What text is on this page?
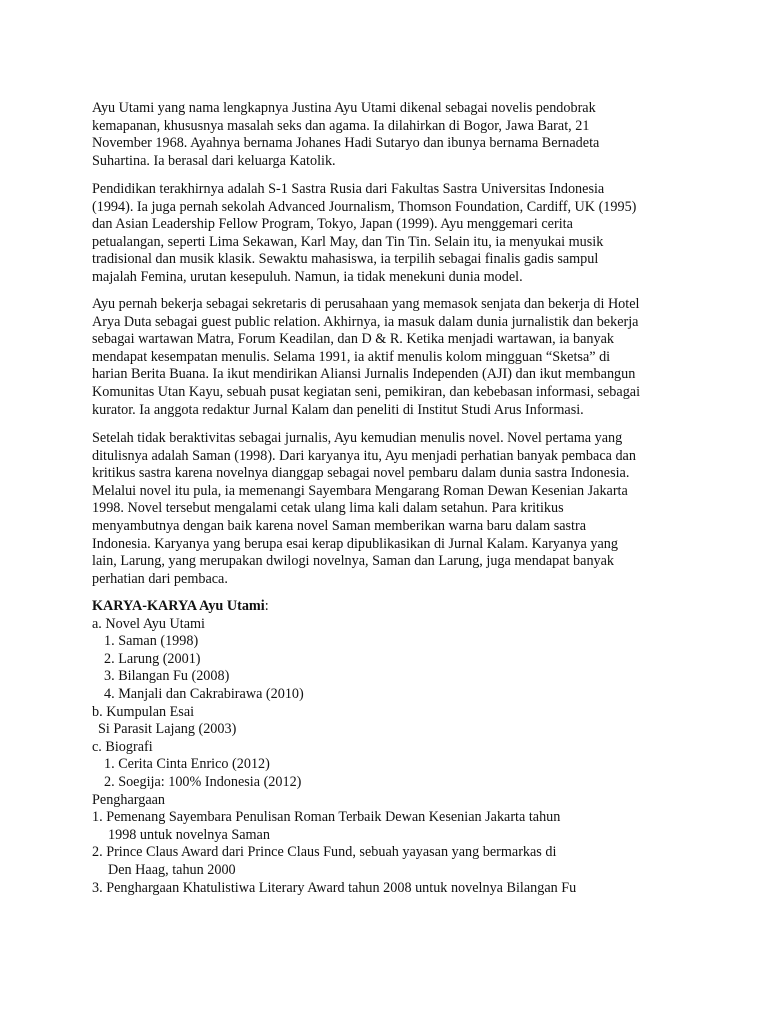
Ayu Utami yang nama lengkapnya Justina Ayu Utami dikenal sebagai novelis pendobrak
kemapanan, khususnya masalah seks dan agama. Ia dilahirkan di Bogor, Jawa Barat, 21
November 1968. Ayahnya bernama Johanes Hadi Sutaryo dan ibunya bernama Bernadeta
Suhartina. Ia berasal dari keluarga Katolik.

Pendidikan terakhirnya adalah S-1 Sastra Rusia dari Fakultas Sastra Universitas Indonesia
(1994). Ia juga pernah sekolah Advanced Journalism, Thomson Foundation, Cardiff, UK (1995)
dan Asian Leadership Fellow Program, Tokyo, Japan (1999). Ayu menggemari cerita
petualangan, seperti Lima Sekawan, Karl May, dan Tin Tin. Selain itu, ia menyukai musik
tradisional dan musik klasik. Sewaktu mahasiswa, ia terpilih sebagai finalis gadis sampul
majalah Femina, urutan kesepuluh. Namun, ia tidak menekuni dunia model.

Ayu pernah bekerja sebagai sekretaris di perusahaan yang memasok senjata dan bekerja di Hotel
Arya Duta sebagai guest public relation. Akhirnya, ia masuk dalam dunia jurnalistik dan bekerja
sebagai wartawan Matra, Forum Keadilan, dan D & R. Ketika menjadi wartawan, ia banyak
mendapat kesempatan menulis. Selama 1991, ia aktif menulis kolom mingguan “Sketsa” di
harian Berita Buana. Ia ikut mendirikan Aliansi Jurnalis Independen (AJI) dan ikut membangun
Komunitas Utan Kayu, sebuah pusat kegiatan seni, pemikiran, dan kebebasan informasi, sebagai
kurator. Ia anggota redaktur Jurnal Kalam dan peneliti di Institut Studi Arus Informasi.

Setelah tidak beraktivitas sebagai jurnalis, Ayu kemudian menulis novel. Novel pertama yang
ditulisnya adalah Saman (1998). Dari karyanya itu, Ayu menjadi perhatian banyak pembaca dan
kritikus sastra karena novelnya dianggap sebagai novel pembaru dalam dunia sastra Indonesia.
Melalui novel itu pula, ia memenangi Sayembara Mengarang Roman Dewan Kesenian Jakarta
1998. Novel tersebut mengalami cetak ulang lima kali dalam setahun. Para kritikus
menyambutnya dengan baik karena novel Saman memberikan warna baru dalam sastra
Indonesia. Karyanya yang berupa esai kerap dipublikasikan di Jurnal Kalam. Karyanya yang
lain, Larung, yang merupakan dwilogi novelnya, Saman dan Larung, juga mendapat banyak
perhatian dari pembaca.

KARYA-KARYA Ayu Utami:
a. Novel Ayu Utami
1. Saman (1998)
2. Larung (2001)
3. Bilangan Fu (2008)
4. Manjali dan Cakrabirawa (2010)
b. Kumpulan Esai
Si Parasit Lajang (2003)
c. Biografi
1. Cerita Cinta Enrico (2012)
2. Soegija: 100% Indonesia (2012)
Penghargaan
1. Pemenang Sayembara Penulisan Roman Terbaik Dewan Kesenian Jakarta tahun
1998 untuk novelnya Saman
2. Prince Claus Award dari Prince Claus Fund, sebuah yayasan yang bermarkas di
Den Haag, tahun 2000
3. Penghargaan Khatulistiwa Literary Award tahun 2008 untuk novelnya Bilangan Fu
